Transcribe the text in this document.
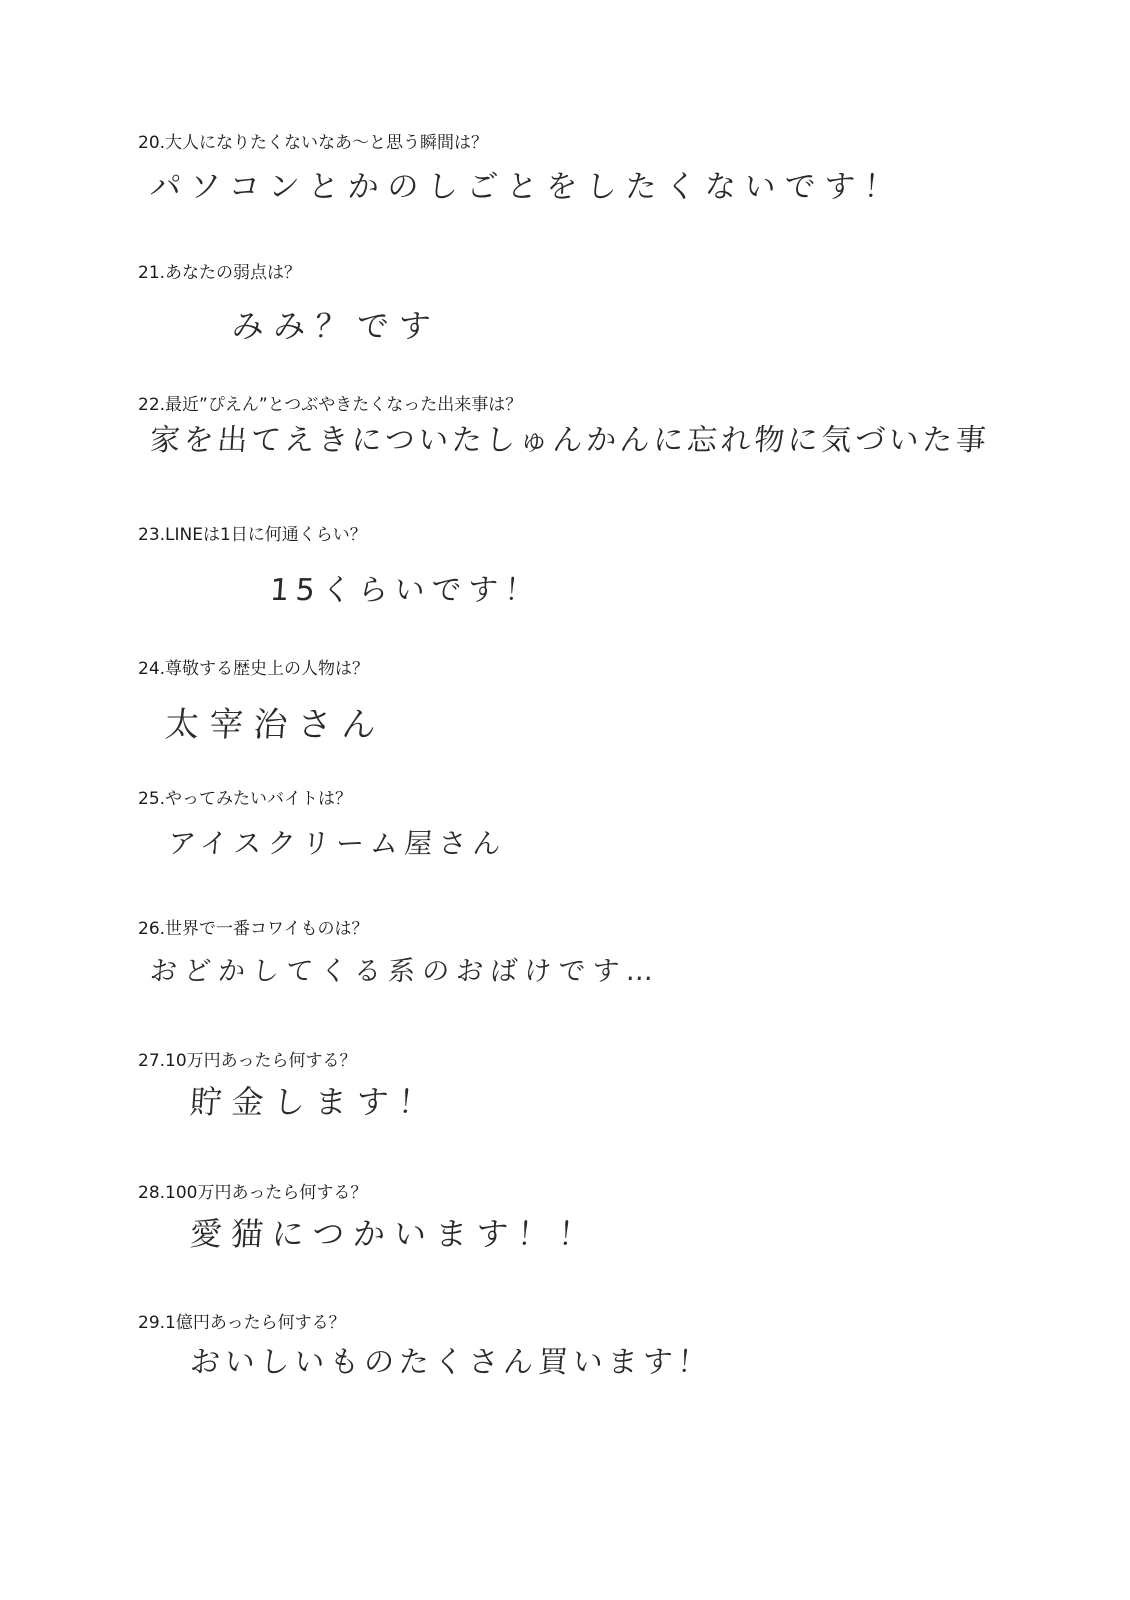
20.大人になりたくないなあ〜と思う瞬間は？
パソコンとかのしごとをしたくないです！
21.あなたの弱点は？
みみ？です
22.最近”ぴえん”とつぶやきたくなった出来事は？
家を出てえきについたしゅんかんに忘れ物に気づいた事
23.LINEは1日に何通くらい？
15くらいです！
24.尊敬する歴史上の人物は？
太宰治さん
25.やってみたいバイトは？
アイスクリーム屋さん
26.世界で一番コワイものは？
おどかしてくる系のおばけです…
27.10万円あったら何する？
貯金します！
28.100万円あったら何する？
愛猫につかいます！！
29.1億円あったら何する？
おいしいものたくさん買います！
